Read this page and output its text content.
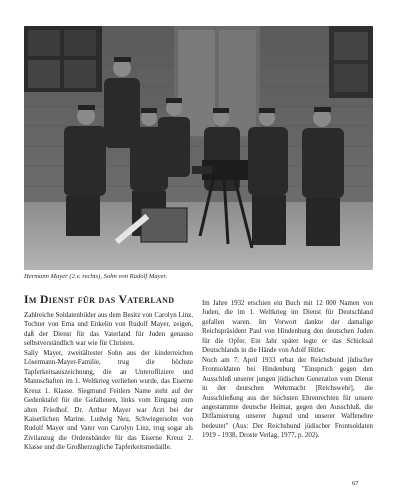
Hermann Mayer (2.v. rechts), Sohn von Rudolf Mayer.
Im Dienst für das Vaterland

Zahlreiche Soldatenbilder aus dem Besitz von Carolyn Linz, Tochter von Erna und Enkelin von Rudolf Mayer, zeigen, daß der Dienst für das Vaterland für Juden genauso selbstverständlich war wie für Christen.

Sally Mayer, zweitältester Sohn aus der kinderreichen Lösermann-Mayer-Familie, trug die höchste Tapferkeitsauszeichnung, die an Unteroffiziere und Mannschaften im 1. Weltkrieg verliehen wurde, das Eiserne Kreuz 1. Klasse. Siegmund Feitlers Name steht auf der Gedenktafel für die Gefallenen, links vom Eingang zum alten Friedhof. Dr. Arthur Mayer war Arzt bei der Kaiserlichen Marine. Ludwig Neu, Schwiegersohn von Rudolf Mayer und Vater von Carolyn Linz, trug sogar als Zivilanzug die Ordensbänder für das Eiserne Kreuz 2. Klasse und die Großherzogliche Tapferkeitsmedaille.

Im Jahre 1932 erschien ein Buch mit 12 000 Namen von Juden, die im 1. Weltkrieg im Dienst für Deutschland gefallen waren. Im Vorwort dankte der damalige Reichspräsident Paul von Hindenburg den deutschen Juden für die Opfer. Ein Jahr später legte er das Schicksal Deutschlands in die Hände von Adolf Hitler.

Noch am 7. April 1933 erbat der Reichsbund jüdischer Frontsoldaten bei Hindenburg "Einspruch gegen den Ausschluß unserer jungen jüdischen Generation vom Dienst in der deutschen Wehrmacht [Reichswehr], die Ausschließung aus der höchsten Ehrenrechten für unsere angestammte deutsche Heimat, gegen den Ausschluß, die Diffamierung unserer Jugend und unserer Waffenehre bedeutet" (Aus: Der Reichsbund jüdischer Frontsoldaten 1919 - 1938, Droste Verlag, 1977, p. 202).

67
